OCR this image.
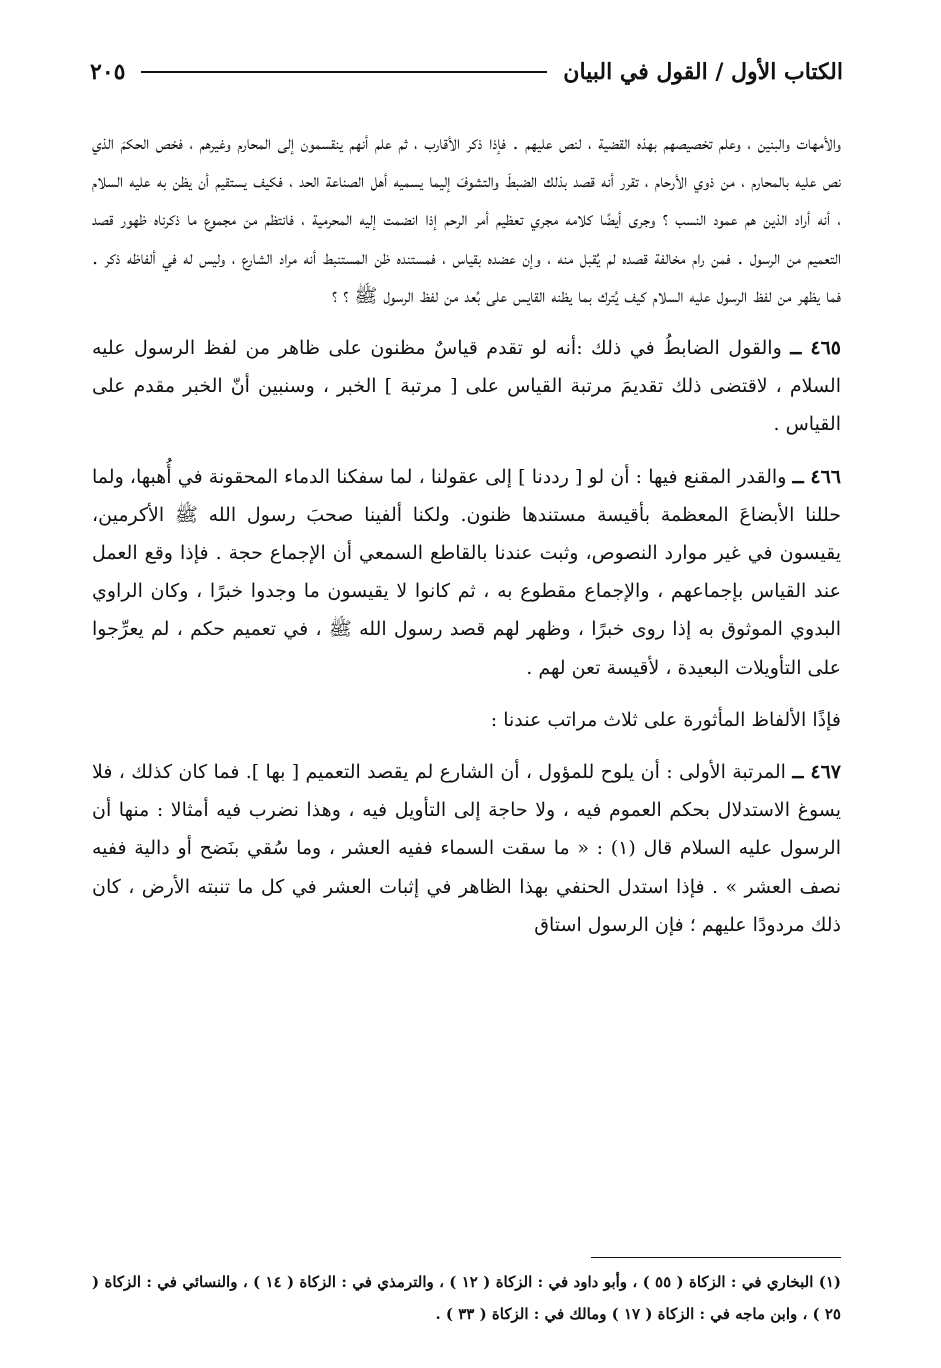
الكتاب الأول / القول في البيان
٢٠٥

والأمهات والبنين ، وعلم تخصيصهم بهذه القضية ، لنص عليهم . فإذا ذكر الأقارب ، ثم علم أنهم ينقسمون إلى المحارم وغيرهم ، فخص الحكمَ الذي نص عليه بالمحارم ، من ذوي الأرحام ، تقرر أنه قصد بذلك الضبطَ والتشوفَ إليما يسميه أهل الصناعة الحد ، فكيف يستقيم أن يظن به عليه السلام ، أنه أراد الذين هم عمود النسب ؟ وجرى أيضًا كلامه مجري تعظيم أمر الرحم إذا انضمت إليه المحرمية ، فانتظم من مجموع ما ذكرناه ظهور قصد التعميم من الرسول . فمن رام مخالفة قصده لم يُقبل منه ، وإن عضده بقياس ، فمستنده ظن المستنبط أنه مراد الشارع ، وليس له في ألفاظه ذكر . فما يظهر من لفظ الرسول عليه السلام كيف يُترك بما يظنه القايس على بُعد من لفظ الرسول ﷺ ؟ ؟

٤٦٥ ــ والقول الضابطُ في ذلك :أنه لو تقدم قياسٌ مظنون على ظاهر من لفظ الرسول عليه السلام ، لاقتضى ذلك تقديمَ مرتبة القياس على [ مرتبة ] الخبر ، وسنبين أنّ الخبر مقدم على القياس .

٤٦٦ ــ والقدر المقنع فيها : أن لو [ رددنا ] إلى عقولنا ، لما سفكنا الدماء المحقونة في أُهبها، ولما حللنا الأبضاعَ المعظمة بأقيسة مستندها ظنون. ولكنا ألفينا صحبَ رسول الله ﷺ الأكرمين، يقيسون في غير موارد النصوص، وثبت عندنا بالقاطع السمعي أن الإجماع حجة . فإذا وقع العمل عند القياس بإجماعهم ، والإجماع مقطوع به ، ثم كانوا لا يقيسون ما وجدوا خبرًا ، وكان الراوي البدوي الموثوق به إذا روى خبرًا ، وظهر لهم قصد رسول الله ﷺ ، في تعميم حكم ، لم يعرِّجوا على التأويلات البعيدة ، لأقيسة تعن لهم .

فإذًا الألفاظ المأثورة على ثلاث مراتب عندنا :

٤٦٧ ــ المرتبة الأولى : أن يلوح للمؤول ، أن الشارع لم يقصد التعميم [ بها ]. فما كان كذلك ، فلا يسوغ الاستدلال بحكم العموم فيه ، ولا حاجة إلى التأويل فيه ، وهذا نضرب فيه أمثالا : منها أن الرسول عليه السلام قال (١) : « ما سقت السماء ففيه العشر ، وما سُقي بنَضح أو دالية ففيه نصف العشر » . فإذا استدل الحنفي بهذا الظاهر في إثبات العشر في كل ما تنبته الأرض ، كان ذلك مردودًا عليهم ؛ فإن الرسول استاق

(١) البخاري في : الزكاة ( ٥٥ ) ، وأبو داود في : الزكاة ( ١٢ ) ، والترمذي في : الزكاة ( ١٤ ) ، والنسائي في : الزكاة ( ٢٥ ) ، وابن ماجه في : الزكاة ( ١٧ ) ومالك في : الزكاة ( ٣٣ ) .
